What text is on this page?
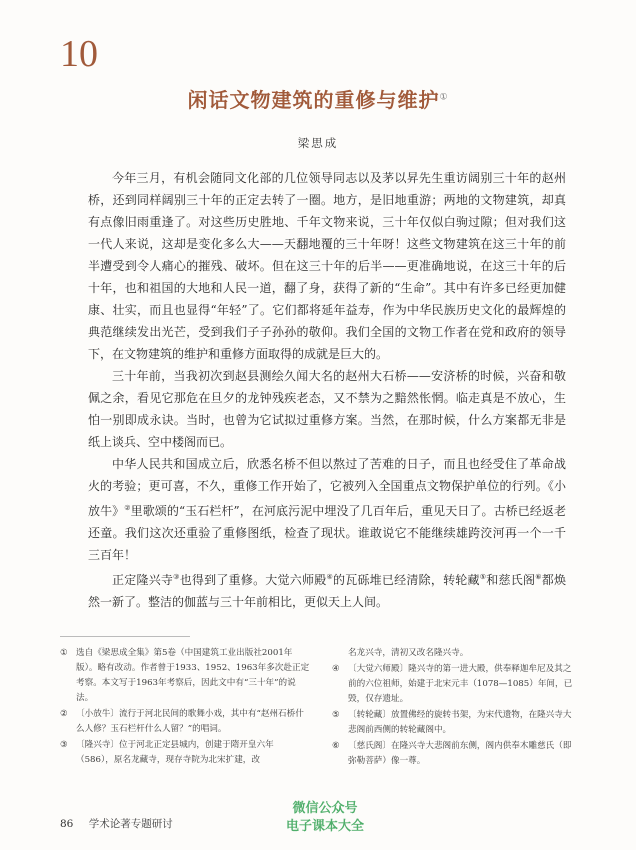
10
闲话文物建筑的重修与维护①
梁思成

今年三月，有机会随同文化部的几位领导同志以及茅以昇先生重访阔别三十年的赵州桥，还到同样阔别三十年的正定去转了一圈。地方，是旧地重游；两地的文物建筑，却真有点像旧雨重逢了。对这些历史胜地、千年文物来说，三十年仅似白驹过隙；但对我们这一代人来说，这却是变化多么大——天翻地覆的三十年呀！这些文物建筑在这三十年的前半遭受到令人痛心的摧残、破坏。但在这三十年的后半——更准确地说，在这三十年的后十年，也和祖国的大地和人民一道，翻了身，获得了新的“生命”。其中有许多已经更加健康、壮实，而且也显得“年轻”了。它们都将延年益寿，作为中华民族历史文化的最辉煌的典范继续发出光芒，受到我们子子孙孙的敬仰。我们全国的文物工作者在党和政府的领导下，在文物建筑的维护和重修方面取得的成就是巨大的。

三十年前，当我初次到赵县测绘久闻大名的赵州大石桥——安济桥的时候，兴奋和敬佩之余，看见它那危在旦夕的龙钟残疾老态，又不禁为之黯然怅惘。临走真是不放心，生怕一别即成永诀。当时，也曾为它试拟过重修方案。当然，在那时候，什么方案都无非是纸上谈兵、空中楼阁而已。

中华人民共和国成立后，欣悉名桥不但以熬过了苦难的日子，而且也经受住了革命战火的考验；更可喜，不久，重修工作开始了，它被列入全国重点文物保护单位的行列。《小放牛》②里歌颂的“玉石栏杆”，在河底污泥中埋没了几百年后，重见天日了。古桥已经返老还童。我们这次还重验了重修图纸，检查了现状。谁敢说它不能继续雄跨洨河再一个一千三百年！

正定隆兴寺③也得到了重修。大觉六师殿④的瓦砾堆已经清除，转轮藏⑤和慈氏阁⑥都焕然一新了。整洁的伽蓝与三十年前相比，更似天上人间。

① 选自《梁思成全集》第5卷（中国建筑工业出版社2001年版）。略有改动。作者曾于1933、1952、1963年多次赴正定考察。本文写于1963年考察后，因此文中有“三十年”的说法。
② 〔小放牛〕流行于河北民间的歌舞小戏，其中有“赵州石桥什么人修？玉石栏杆什么人留？”的唱词。
③ 〔隆兴寺〕位于河北正定县城内，创建于隋开皇六年（586），原名龙藏寺，现存寺院为北宋扩建，改
名龙兴寺，清初又改名隆兴寺。
④ 〔大觉六师殿〕隆兴寺的第一进大殿，供奉释迦牟尼及其之前的六位祖师，始建于北宋元丰（1078—1085）年间，已毁，仅存遗址。
⑤ 〔转轮藏〕放置佛经的旋转书架，为宋代遗物，在隆兴寺大悲阁前西侧的转轮藏阁中。
⑥ 〔慈氏阁〕在隆兴寺大悲阁前东侧，阁内供奉木雕慈氏（即弥勒菩萨）像一尊。
86 学术论著专题研讨
微信公众号
电子课本大全
